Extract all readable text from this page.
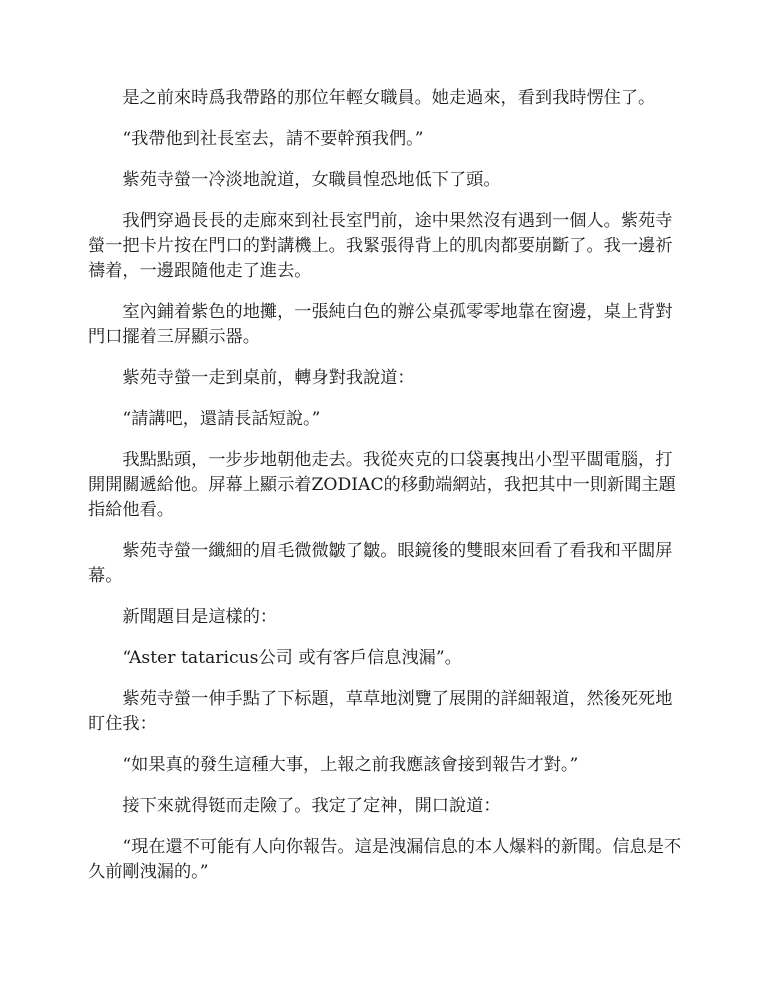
是之前來時爲我帶路的那位年輕女職員。她走過來，看到我時愣住了。

“我帶他到社長室去，請不要幹預我們。”

紫苑寺螢一冷淡地說道，女職員惶恐地低下了頭。

我們穿過長長的走廊來到社長室門前，途中果然沒有遇到一個人。紫苑寺螢一把卡片按在門口的對講機上。我緊張得背上的肌肉都要崩斷了。我一邊祈禱着，一邊跟隨他走了進去。

室內鋪着紫色的地攤，一張純白色的辦公桌孤零零地靠在窗邊，桌上背對門口擺着三屏顯示器。

紫苑寺螢一走到桌前，轉身對我說道：

“請講吧，還請長話短說。”

我點點頭，一步步地朝他走去。我從夾克的口袋裏拽出小型平闆電腦，打開開關遞給他。屏幕上顯示着ZODIAC的移動端網站，我把其中一則新聞主題指給他看。

紫苑寺螢一纖細的眉毛微微皺了皺。眼鏡後的雙眼來回看了看我和平闆屏幕。

新聞題目是這樣的：

“Aster tataricus公司 或有客戶信息洩漏”。

紫苑寺螢一伸手點了下标題，草草地浏覽了展開的詳細報道，然後死死地盯住我：

“如果真的發生這種大事，上報之前我應該會接到報告才對。”

接下來就得铤而走險了。我定了定神，開口說道：

“現在還不可能有人向你報告。這是洩漏信息的本人爆料的新聞。信息是不久前剛洩漏的。”
